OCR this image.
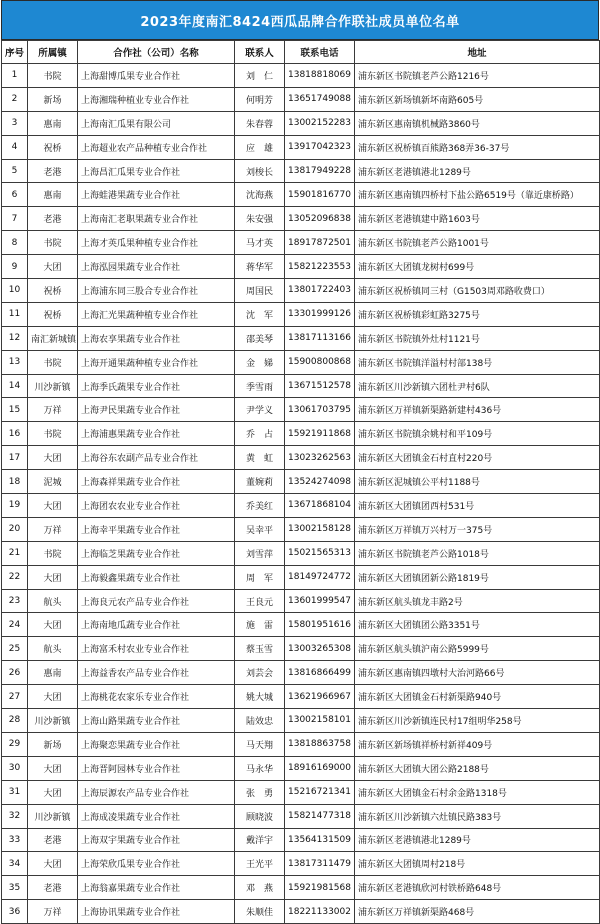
2023年度南汇8424西瓜品牌合作联社成员单位名单
序号	所属镇	合作社（公司）名称	联系人	联系电话	地址
1	书院	上海甜博瓜果专业合作社	刘　仁	13818818069	浦东新区书院镇老芦公路1216号
2	新场	上海湘瑞种植业专业合作社	何明芳	13651749088	浦东新区新场镇新坏南路605号
3	惠南	上海南汇瓜果有限公司	朱春蓉	13002152283	浦东新区惠南镇机械路3860号
4	祝桥	上海超业农产品种植专业合作社	应　雄	13917042323	浦东新区祝桥镇百熊路368弄36-37号
5	老港	上海昌汇瓜果专业合作社	刘梭长	13817949228	浦东新区老港镇港北1289号
6	惠南	上海蛙港果蔬专业合作社	沈海燕	15901816770	浦东新区惠南镇四桥村下盐公路6519号（靠近康桥路）
7	老港	上海南汇老职果蔬专业合作社	朱安强	13052096838	浦东新区老港镇建中路1603号
8	书院	上海才英瓜果种植专业合作社	马才英	18917872501	浦东新区书院镇老芦公路1001号
9	大团	上海泓园果蔬专业合作社	蒋华军	15821223553	浦东新区大团镇龙树村699号
10	祝桥	上海浦东同三股合专业合作社	周国民	13801722403	浦东新区祝桥镇同三村（G1503周邓路收费口）
11	祝桥	上海汇光果蔬种植专业合作社	沈　军	13301999126	浦东新区祝桥镇彩虹路3275号
12	南汇新城镇	上海农享果蔬专业合作社	邵美琴	13817113166	浦东新区书院镇外灶村1121号
13	书院	上海开通果蔬种植专业合作社	金　娣	15900800868	浦东新区书院镇洋溢村村部138号
14	川沙新镇	上海季氏蔬果专业合作社	季雪雨	13671512578	浦东新区川沙新镇六团杜尹村6队
15	万祥	上海尹民果蔬专业合作社	尹学义	13061703795	浦东新区万祥镇新渠路新建村436号
16	书院	上海浦惠果蔬专业合作社	乔　占	15921911868	浦东新区书院镇余姚村和平109号
17	大团	上海谷东农副产品专业合作社	黄　虹	13023262563	浦东新区大团镇金石村直村220号
18	泥城	上海森祥果蔬专业合作社	董婉莉	13524274098	浦东新区泥城镇公平村1188号
19	大团	上海团农农业专业合作社	乔美红	13671868104	浦东新区大团镇团西村531号
20	万祥	上海幸平果蔬专业合作社	吴幸平	13002158128	浦东新区万祥镇万兴村万一375号
21	书院	上海临芝果蔬专业合作社	刘雪萍	15021565313	浦东新区书院镇老芦公路1018号
22	大团	上海毅鑫果蔬专业合作社	周　军	18149724772	浦东新区大团镇团新公路1819号
23	航头	上海良元农产品专业合作社	王良元	13601999547	浦东新区航头镇龙丰路2号
24	大团	上海南地瓜蔬专业合作社	施　雷	15801951616	浦东新区大团镇团公路3351号
25	航头	上海富禾村农业专业合作社	蔡玉雪	13003265308	浦东新区航头镇沪南公路5999号
26	惠南	上海益香农产品专业合作社	刘芸会	13816866499	浦东新区惠南镇四墩村大治河路66号
27	大团	上海桃花农家乐专业合作社	姚大城	13621966967	浦东新区大团镇金石村新渠路940号
28	川沙新镇	上海山路果蔬专业合作社	陆效忠	13002158101	浦东新区川沙新镇连民村17组明华258号
29	新场	上海聚恋果蔬专业合作社	马天翔	13818863758	浦东新区新场镇祥桥村新祥409号
30	大团	上海晋阿园林专业合作社	马永华	18916169000	浦东新区大团镇大团公路2188号
31	大团	上海辰源农产品专业合作社	张　勇	15216721341	浦东新区大团镇金石村余金路1318号
32	川沙新镇	上海成凌果蔬专业合作社	顾晓波	15821477318	浦东新区川沙新镇六灶镇民路383号
33	老港	上海双宇果蔬专业合作社	戴洋宇	13564131509	浦东新区老港镇港北1289号
34	大团	上海荣欣瓜果专业合作社	王光平	13817311479	浦东新区大团镇周村218号
35	老港	上海翁嘉果蔬专业合作社	邓　燕	15921981568	浦东新区老港镇欣河村铁桥路648号
36	万祥	上海协讯果蔬专业合作社	朱顺佳	18221133002	浦东新区万祥镇新渠路468号
